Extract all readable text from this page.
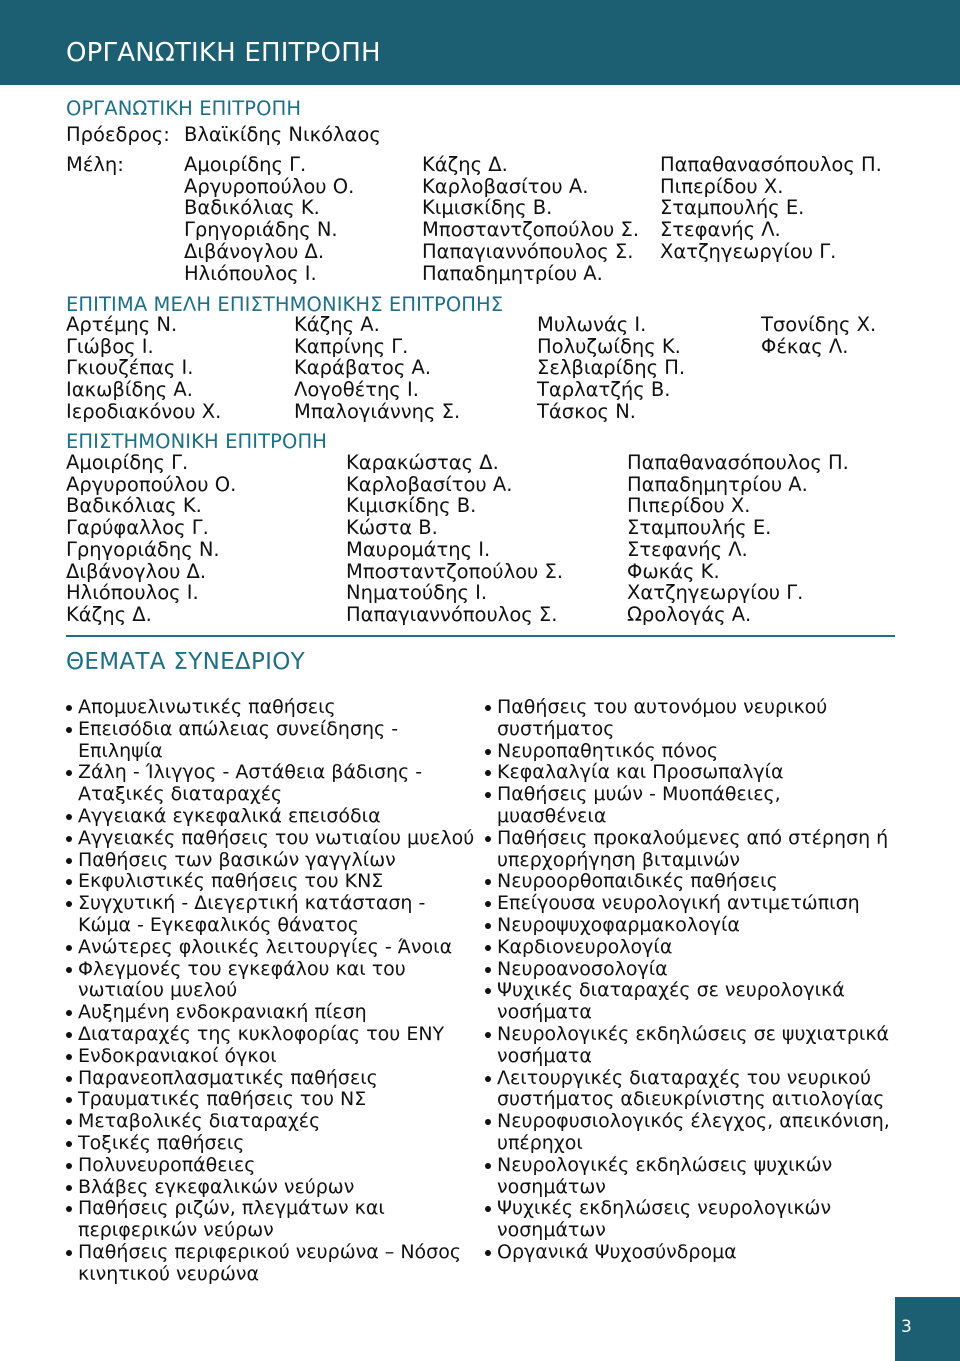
ΟΡΓΑΝΩΤΙΚΗ ΕΠΙΤΡΟΠΗ
ΟΡΓΑΝΩΤΙΚΗ ΕΠΙΤΡΟΠΗ
Πρόεδρος: Βλαϊκίδης Νικόλαος
Μέλη:	Αμοιρίδης Γ.
Αργυροπούλου Ο.
Βαδικόλιας Κ.
Γρηγοριάδης Ν.
Διβάνογλου Δ.
Ηλιόπουλος Ι.
Κάζης Δ.
Καρλοβασίτου Α.
Κιμισκίδης Β.
Μποσταντζοπούλου Σ.
Παπαγιαννόπουλος Σ.
Παπαδημητρίου Α.
Παπαθανασόπουλος Π.
Πιπερίδου Χ.
Σταμπουλής Ε.
Στεφανής Λ.
Χατζηγεωργίου Γ.
ΕΠΙΤΙΜΑ ΜΕΛΗ ΕΠΙΣΤΗΜΟΝΙΚΗΣ ΕΠΙΤΡΟΠΗΣ
Αρτέμης Ν.
Γιώβος Ι.
Γκιουζέπας Ι.
Ιακωβίδης Α.
Ιεροδιακόνου Χ.
Κάζης Α.
Καπρίνης Γ.
Καράβατος Α.
Λογοθέτης Ι.
Μπαλογιάννης Σ.
Μυλωνάς Ι.
Πολυζωίδης Κ.
Σελβιαρίδης Π.
Ταρλατζής Β.
Τάσκος Ν.
Τσονίδης Χ.
Φέκας Λ.
ΕΠΙΣΤΗΜΟΝΙΚΗ ΕΠΙΤΡΟΠΗ
Αμοιρίδης Γ.
Αργυροπούλου Ο.
Βαδικόλιας Κ.
Γαρύφαλλος Γ.
Γρηγοριάδης Ν.
Διβάνογλου Δ.
Ηλιόπουλος Ι.
Κάζης Δ.
Καρακώστας Δ.
Καρλοβασίτου Α.
Κιμισκίδης Β.
Κώστα Β.
Μαυρομάτης Ι.
Μποσταντζοπούλου Σ.
Νηματούδης Ι.
Παπαγιαννόπουλος Σ.
Παπαθανασόπουλος Π.
Παπαδημητρίου Α.
Πιπερίδου Χ.
Σταμπουλής Ε.
Στεφανής Λ.
Φωκάς Κ.
Χατζηγεωργίου Γ.
Ωρολογάς Α.
ΘΕΜΑΤΑ ΣΥΝΕΔΡΙΟΥ
Απομυελινωτικές παθήσεις
Επεισόδια απώλειας συνείδησης - Επιληψία
Ζάλη - Ίλιγγος - Αστάθεια βάδισης - Αταξικές διαταραχές
Αγγειακά εγκεφαλικά επεισόδια
Αγγειακές παθήσεις του νωτιαίου μυελού
Παθήσεις των βασικών γαγγλίων
Εκφυλιστικές παθήσεις του ΚΝΣ
Συγχυτική - Διεγερτική κατάσταση - Κώμα - Εγκεφαλικός θάνατος
Ανώτερες φλοιικές λειτουργίες - Άνοια
Φλεγμονές του εγκεφάλου και του νωτιαίου μυελού
Αυξημένη ενδοκρανιακή πίεση
Διαταραχές της κυκλοφορίας του ΕΝΥ
Ενδοκρανιακοί όγκοι
Παρανεοπλασματικές παθήσεις
Τραυματικές παθήσεις του ΝΣ
Μεταβολικές διαταραχές
Τοξικές παθήσεις
Πολυνευροπάθειες
Βλάβες εγκεφαλικών νεύρων
Παθήσεις ριζών, πλεγμάτων και περιφερικών νεύρων
Παθήσεις περιφερικού νευρώνα – Νόσος κινητικού νευρώνα
Παθήσεις του αυτονόμου νευρικού συστήματος
Νευροπαθητικός πόνος
Κεφαλαλγία και Προσωπαλγία
Παθήσεις μυών - Μυοπάθειες, μυασθένεια
Παθήσεις προκαλούμενες από στέρηση ή υπερχορήγηση βιταμινών
Νευροορθοπαιδικές παθήσεις
Επείγουσα νευρολογική αντιμετώπιση
Νευροψυχοφαρμακολογία
Καρδιονευρολογία
Νευροανοσολογία
Ψυχικές διαταραχές σε νευρολογικά νοσήματα
Νευρολογικές εκδηλώσεις σε ψυχιατρικά νοσήματα
Λειτουργικές διαταραχές του νευρικού συστήματος αδιευκρίνιστης αιτιολογίας
Νευροφυσιολογικός έλεγχος, απεικόνιση, υπέρηχοι
Νευρολογικές εκδηλώσεις ψυχικών νοσημάτων
Ψυχικές εκδηλώσεις νευρολογικών νοσημάτων
Οργανικά Ψυχοσύνδρομα
3
